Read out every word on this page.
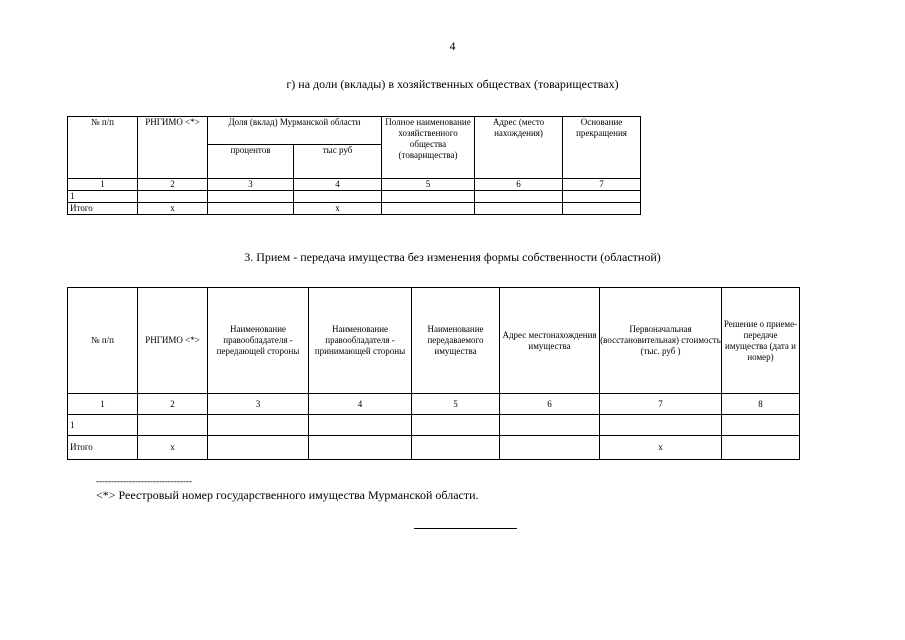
4
г) на доли (вклады) в хозяйственных обществах (товариществах)
№ п/п	РНГИМО <*>	Доля (вклад) Мурманской области		Полное наименование хозяйственного общества (товарищества)	Адрес (место нахождения)	Основание прекращения
		процентов	тыс руб			
1	2	3	4	5	6	7
1						
Итого	x		x			
3. Прием - передача имущества без изменения формы собственности (областной)
№ п/п	РНГИМО <*>	Наименование правообладателя - передающей стороны	Наименование правообладателя - принимающей стороны	Наименование передаваемого имущества	Адрес местонахождения имущества	Первоначальная (восстановительная) стоимость (тыс. руб )	Решение о приеме-передаче имущества (дата и номер)
1	2	3	4	5	6	7	8
1							
Итого	x					x	
--------------------------------
<*> Реестровый номер государственного имущества Мурманской области.
